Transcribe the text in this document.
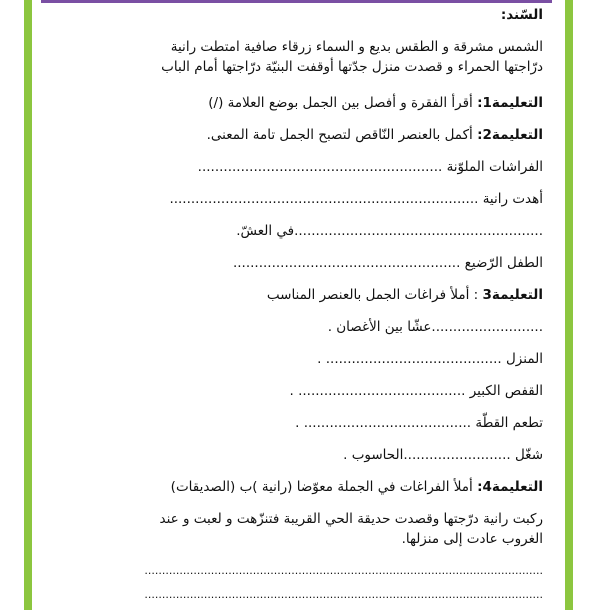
السّند:
الشمس مشرقة و الطقس بديع و السماء زرقاء صافية امتطت رانية
درّاجتها الحمراء و قصدت منزل جدّتها أوقفت البنيّة درّاجتها أمام الباب
التعليمة1: أقرأ الفقرة و أفصل بين الجمل بوضع العلامة (/)
التعليمة2: أكمل بالعنصر النّاقص لتصبح الجمل تامة المعنى.
الفراشات الملوّنة .........................................................
أهدت رانية ........................................................................
..........................................................في العشّ.
الطفل الرّضيع .....................................................
التعليمة3 : أملأ فراغات الجمل بالعنصر المناسب
..........................عشّا بين الأغصان .
المنزل ......................................... .
القفص الكبير ....................................... .
تطعم القطّة ....................................... .
شغّل .........................الحاسوب .
التعليمة4: أملأ الفراغات في الجملة معوّضا (رانية )ب (الصديقات)
ركبت رانية درّجتها وقصدت حديقة الحي القريبة فتنزّهت و لعبت و عند
الغروب عادت إلى منزلها.
..................................................................................................................
..................................................................................................................
